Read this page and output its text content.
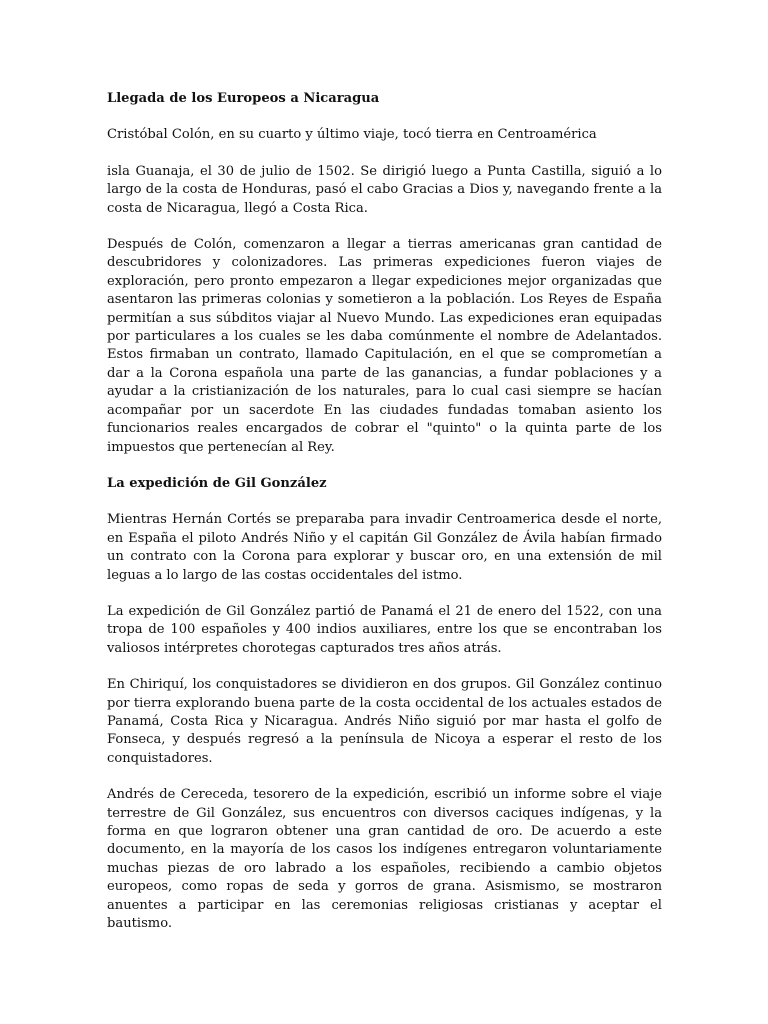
Llegada de los Europeos a Nicaragua
Cristóbal Colón, en su cuarto y último viaje, tocó tierra en Centroamérica
isla Guanaja, el 30 de julio de 1502. Se dirigió luego a Punta Castilla, siguió a lo largo de la costa de Honduras, pasó el cabo Gracias a Dios y, navegando frente a la costa de Nicaragua, llegó a Costa Rica.
Después de Colón, comenzaron a llegar a tierras americanas gran cantidad de descubridores y colonizadores. Las primeras expediciones fueron viajes de exploración, pero pronto empezaron a llegar expediciones mejor organizadas que asentaron las primeras colonias y sometieron a la población. Los Reyes de España permitían a sus súbditos viajar al Nuevo Mundo. Las expediciones eran equipadas por particulares a los cuales se les daba comúnmente el nombre de Adelantados. Estos firmaban un contrato, llamado Capitulación, en el que se comprometían a dar a la Corona española una parte de las ganancias, a fundar poblaciones y a ayudar a la cristianización de los naturales, para lo cual casi siempre se hacían acompañar por un sacerdote En las ciudades fundadas tomaban asiento los funcionarios reales encargados de cobrar el "quinto" o la quinta parte de los impuestos que pertenecían al Rey.
La expedición de Gil González
Mientras Hernán Cortés se preparaba para invadir Centroamerica desde el norte, en España el piloto Andrés Niño y el capitán Gil González de Ávila habían firmado un contrato con la Corona para explorar y buscar oro, en una extensión de mil leguas a lo largo de las costas occidentales del istmo.
La expedición de Gil González partió de Panamá el 21 de enero del 1522, con una tropa de 100 españoles y 400 indios auxiliares, entre los que se encontraban los valiosos intérpretes chorotegas capturados tres años atrás.
En Chiriquí, los conquistadores se dividieron en dos grupos. Gil González continuo por tierra explorando buena parte de la costa occidental de los actuales estados de Panamá, Costa Rica y Nicaragua. Andrés Niño siguió por mar hasta el golfo de Fonseca, y después regresó a la península de Nicoya a esperar el resto de los conquistadores.
Andrés de Cereceda, tesorero de la expedición, escribió un informe sobre el viaje terrestre de Gil González, sus encuentros con diversos caciques indígenas, y la forma en que lograron obtener una gran cantidad de oro. De acuerdo a este documento, en la mayoría de los casos los indígenes entregaron voluntariamente muchas piezas de oro labrado a los españoles, recibiendo a cambio objetos europeos, como ropas de seda y gorros de grana. Asismismo, se mostraron anuentes a participar en las ceremonias religiosas cristianas y aceptar el bautismo.
